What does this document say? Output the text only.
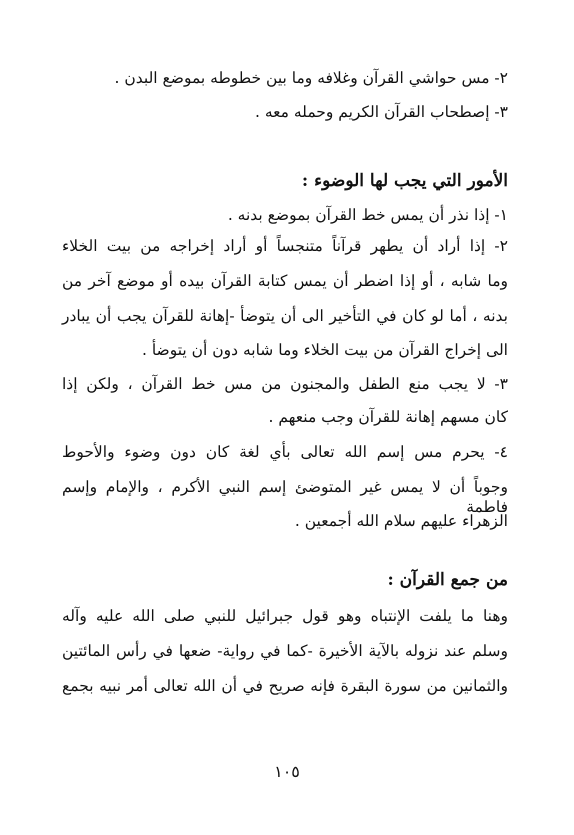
٢- مس حواشي القرآن وغلافه وما بين خطوطه بموضع البدن .
٣- إصطحاب القرآن الكريم وحمله معه .
الأمور التي يجب لها الوضوء :
١- إذا نذر أن يمس خط القرآن بموضع بدنه .
٢- إذا أراد أن يطهر قرآناً متنجساً أو أراد إخراجه من بيت الخلاء
وما شابه ، أو إذا اضطر أن يمس كتابة القرآن بيده أو موضع آخر من
بدنه ، أما لو كان في التأخير الى أن يتوضأ -إهانة للقرآن يجب أن يبادر
الى إخراج القرآن من بيت الخلاء وما شابه دون أن يتوضأ .
٣- لا يجب منع الطفل والمجنون من مس خط القرآن ، ولكن إذا
كان مسهم إهانة للقرآن وجب منعهم .
٤- يحرم مس إسم الله تعالى بأي لغة كان دون وضوء والأحوط
وجوباً أن لا يمس غير المتوضئ إسم النبي الأكرم ، والإمام وإسم فاطمة
الزهراء عليهم سلام الله أجمعين .
من جمع القرآن :
وهنا ما يلفت الإنتباه وهو قول جبرائيل للنبي صلى الله عليه وآله
وسلم عند نزوله بالآية الأخيرة -كما في رواية- ضعها في رأس المائتين
والثمانين من سورة البقرة فإنه صريح في أن الله تعالى أمر نبيه بجمع
١٠٥
